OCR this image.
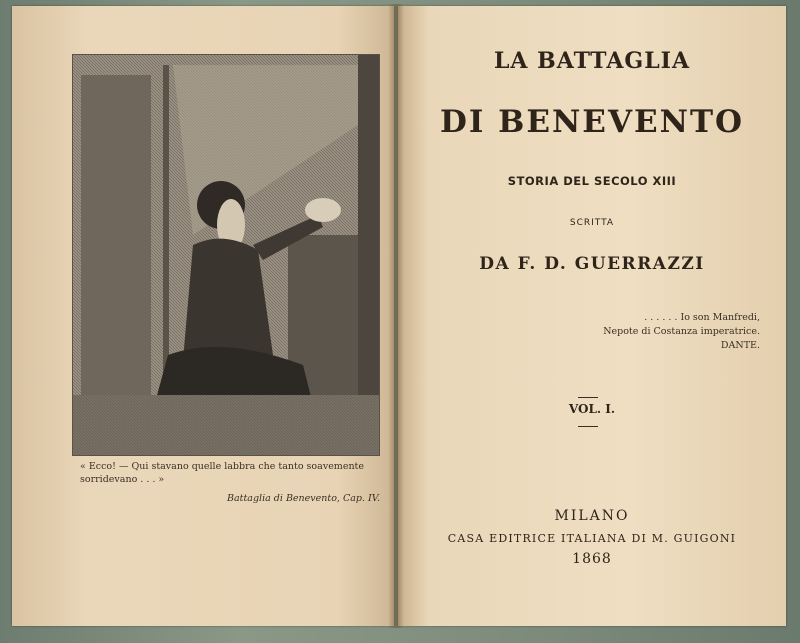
« Ecco! — Qui stavano quelle labbra che tanto soavemente
sorridevano . . . »
Battaglia di Benevento, Cap. IV.
LA BATTAGLIA
DI BENEVENTO
STORIA DEL SECOLO XIII
SCRITTA
DA F. D. GUERRAZZI
. . . . . . Io son Manfredi,
Nepote di Costanza imperatrice.
DANTE.
VOL. I.
MILANO
CASA EDITRICE ITALIANA DI M. GUIGONI
1868
